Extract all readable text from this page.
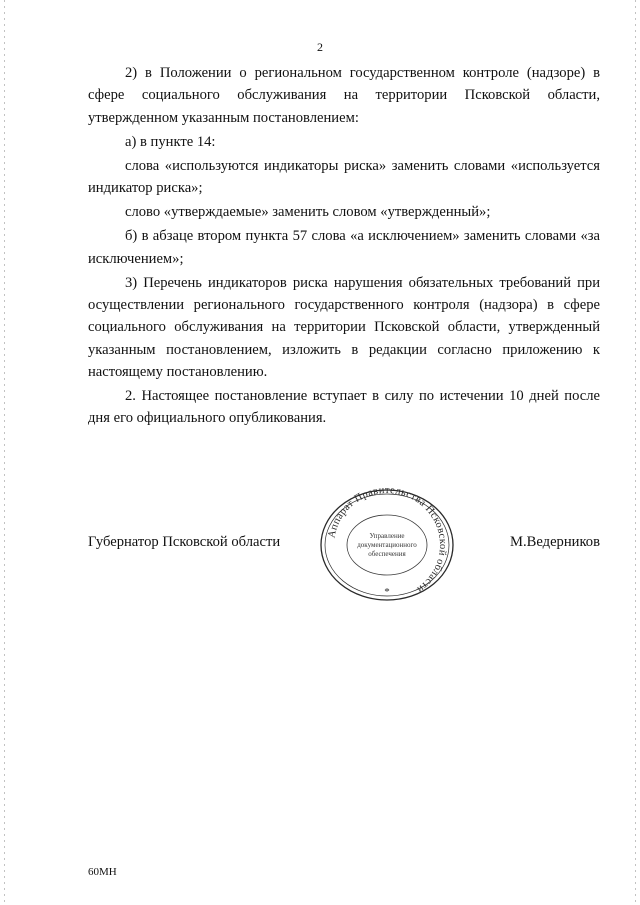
2

2) в Положении о региональном государственном контроле (надзоре) в сфере социального обслуживания на территории Псковской области, утвержденном указанным постановлением:

а) в пункте 14:

слова «используются индикаторы риска» заменить словами «используется индикатор риска»;

слово «утверждаемые» заменить словом «утвержденный»;

б) в абзаце втором пункта 57 слова «а исключением» заменить словами «за исключением»;

3) Перечень индикаторов риска нарушения обязательных требований при осуществлении регионального государственного контроля (надзора) в сфере социального обслуживания на территории Псковской области, утвержденный указанным постановлением, изложить в редакции согласно приложению к настоящему постановлению.

2. Настоящее постановление вступает в силу по истечении 10 дней после дня его официального опубликования.

Губернатор Псковской области	М.Ведерников
Аппарат Правительства Псковской области
Управление
документационного
обеспечения
*
60МН
